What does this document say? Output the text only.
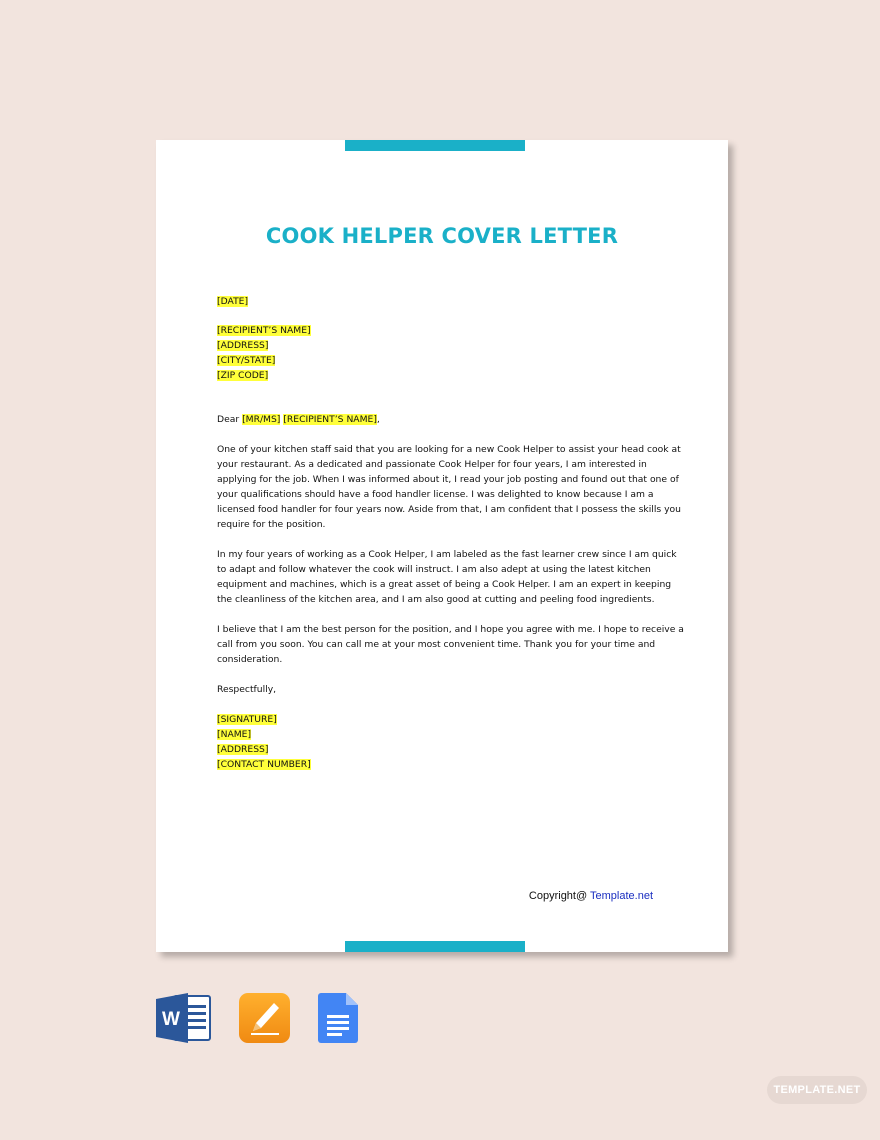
COOK HELPER COVER LETTER
[DATE]
[RECIPIENT’S NAME]
[ADDRESS]
[CITY/STATE]
[ZIP CODE]
Dear [MR/MS] [RECIPIENT’S NAME],
One of your kitchen staff said that you are looking for a new Cook Helper to assist your head cook at
your restaurant. As a dedicated and passionate Cook Helper for four years, I am interested in
applying for the job. When I was informed about it, I read your job posting and found out that one of
your qualifications should have a food handler license. I was delighted to know because I am a
licensed food handler for four years now. Aside from that, I am confident that I possess the skills you
require for the position.
In my four years of working as a Cook Helper, I am labeled as the fast learner crew since I am quick
to adapt and follow whatever the cook will instruct. I am also adept at using the latest kitchen
equipment and machines, which is a great asset of being a Cook Helper. I am an expert in keeping
the cleanliness of the kitchen area, and I am also good at cutting and peeling food ingredients.
I believe that I am the best person for the position, and I hope you agree with me. I hope to receive a
call from you soon. You can call me at your most convenient time. Thank you for your time and
consideration.
Respectfully,
[SIGNATURE]
[NAME]
[ADDRESS]
[CONTACT NUMBER]
Copyright@ Template.net
W
TEMPLATE.NET
